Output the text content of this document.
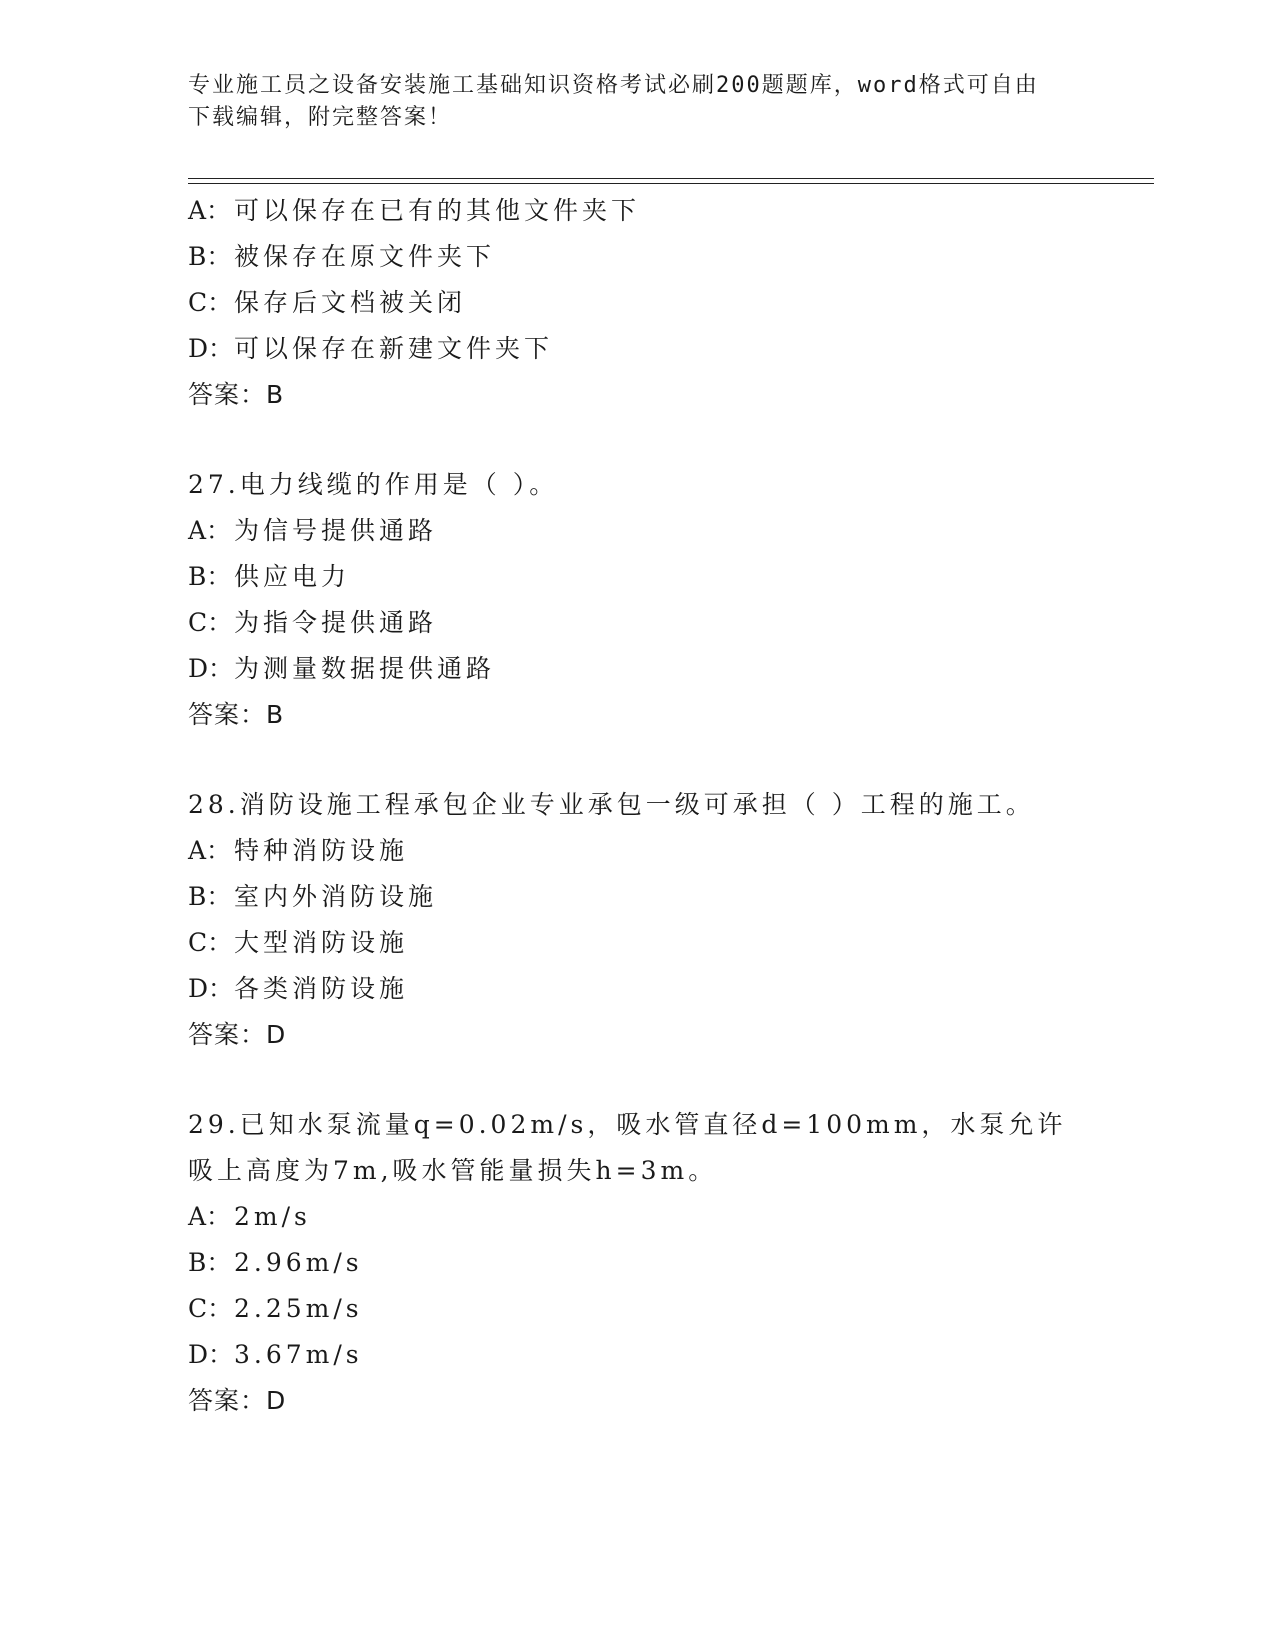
专业施工员之设备安装施工基础知识资格考试必刷200题题库，word格式可自由
下载编辑，附完整答案！
A： 可以保存在已有的其他文件夹下
B： 被保存在原文件夹下
C：保存后文档被关闭
D：可以保存在新建文件夹下
答案：B
27.电力线缆的作用是（ ）。
A： 为信号提供通路
B： 供应电力
C：为指令提供通路
D：为测量数据提供通路
答案：B
28.消防设施工程承包企业专业承包一级可承担（ ）工程的施工。
A： 特种消防设施
B： 室内外消防设施
C：大型消防设施
D：各类消防设施
答案：D
29.已知水泵流量q=0.02m/s，吸水管直径d=100mm，水泵允许吸上高度为7m,吸水管能量损失h=3m。
A： 2m/s
B： 2.96m/s
C：2.25m/s
D：3.67m/s
答案：D
